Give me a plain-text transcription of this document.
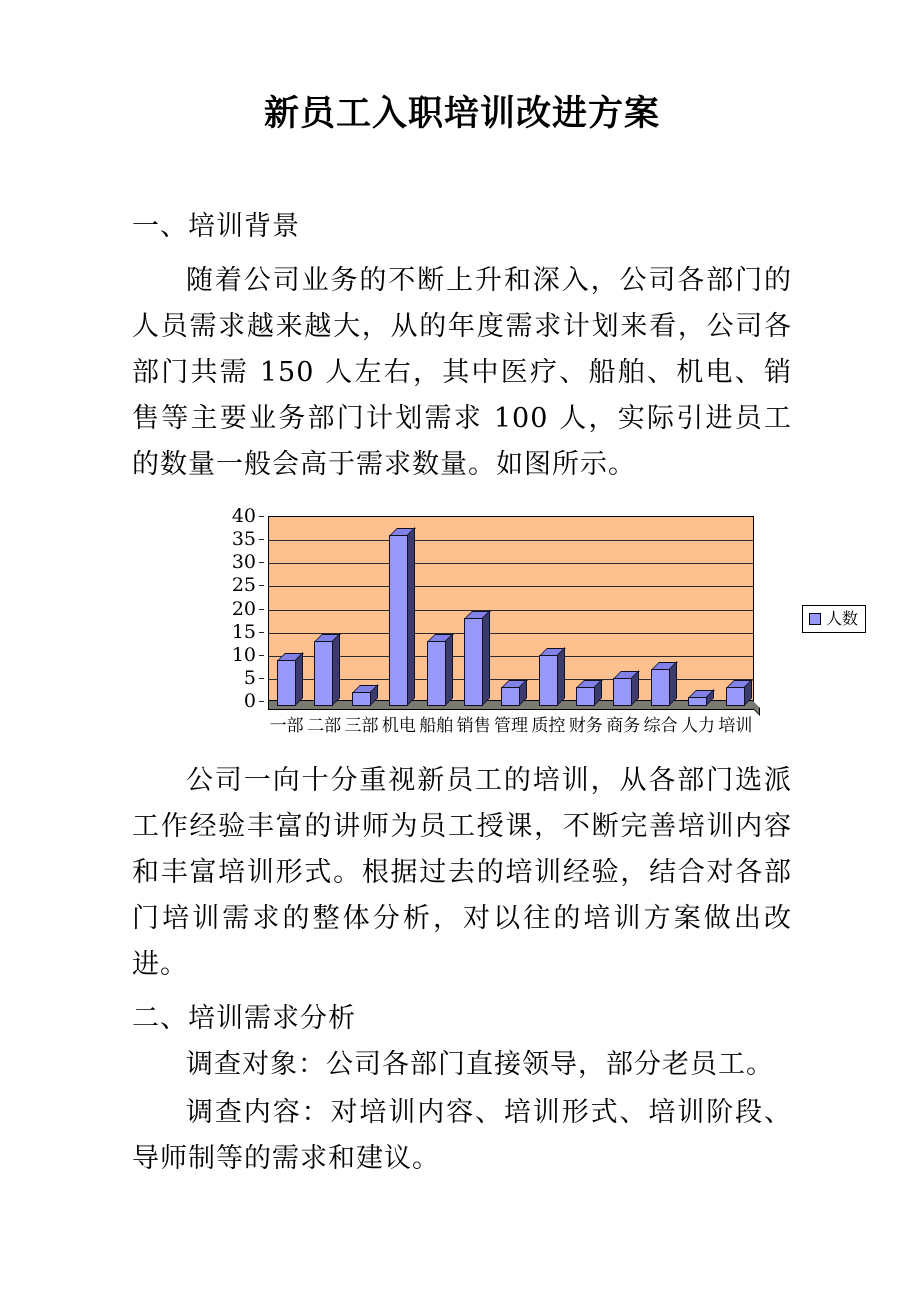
新员工入职培训改进方案
一、培训背景

随着公司业务的不断上升和深入，公司各部门的人员需求越来越大，从的年度需求计划来看，公司各部门共需 150 人左右，其中医疗、船舶、机电、销售等主要业务部门计划需求 100 人，实际引进员工的数量一般会高于需求数量。如图所示。

0
5
10
15
20
25
30
35
40
一部 二部 三部 机电 船舶 销售 管理 质控 财务 商务 综合 人力 培训
人数

公司一向十分重视新员工的培训，从各部门选派工作经验丰富的讲师为员工授课，不断完善培训内容和丰富培训形式。根据过去的培训经验，结合对各部门培训需求的整体分析，对以往的培训方案做出改进。

二、培训需求分析

调查对象：公司各部门直接领导，部分老员工。

调查内容：对培训内容、培训形式、培训阶段、导师制等的需求和建议。
